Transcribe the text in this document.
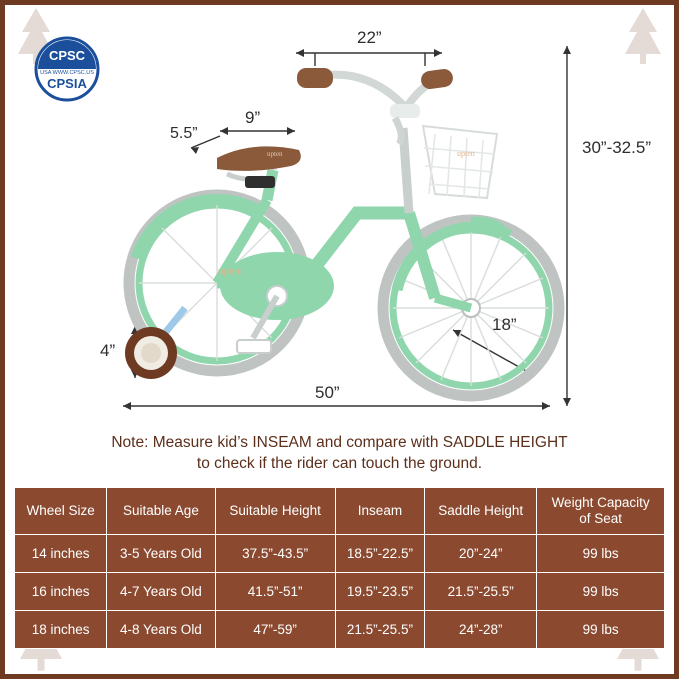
CPSC
USA WWW.CPSC.US
CPSIA
upten
upten	upten
22”
9”
5.5”
30”-32.5”
18”
4”
50”
Note: Measure kid’s INSEAM and compare with SADDLE HEIGHT
to check if the rider can touch the ground.
Wheel Size	Suitable Age	Suitable Height	Inseam	Saddle Height	Weight Capacity
of Seat

14 inches	3-5 Years Old	37.5”-43.5”	18.5”-22.5”	20”-24”	99 lbs
16 inches	4-7 Years Old	41.5”-51”	19.5”-23.5”	21.5”-25.5”	99 lbs
18 inches	4-8 Years Old	47”-59”	21.5”-25.5”	24”-28”	99 lbs
